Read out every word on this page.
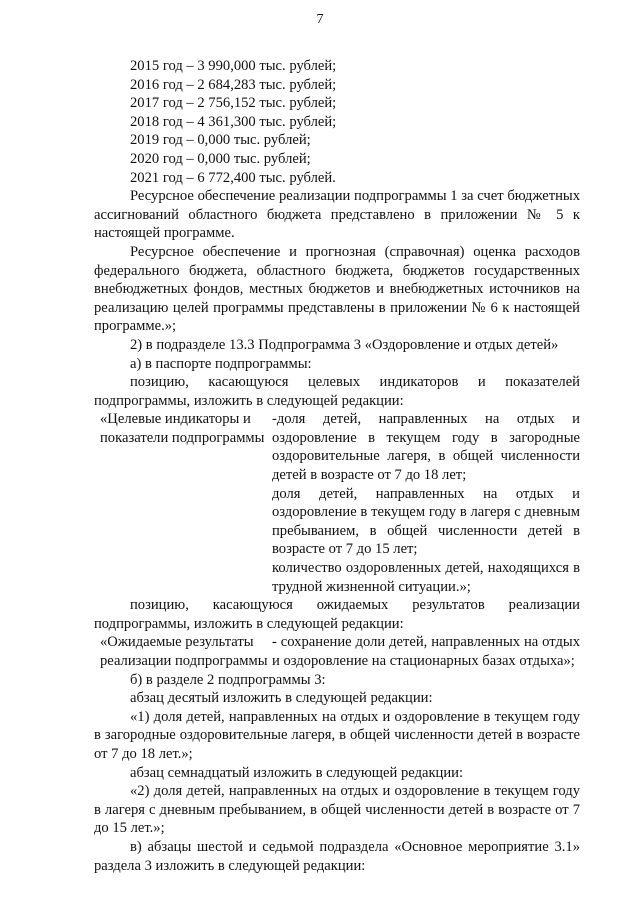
7
2015 год – 3 990,000 тыс. рублей;
2016 год – 2 684,283 тыс. рублей;
2017 год – 2 756,152 тыс. рублей;
2018 год – 4 361,300 тыс. рублей;
2019 год – 0,000 тыс. рублей;
2020 год – 0,000 тыс. рублей;
2021 год – 6 772,400 тыс. рублей.
Ресурсное обеспечение реализации подпрограммы 1 за счет бюджетных ассигнований областного бюджета представлено в приложении № 5 к настоящей программе.
Ресурсное обеспечение и прогнозная (справочная) оценка расходов федерального бюджета, областного бюджета, бюджетов государственных внебюджетных фондов, местных бюджетов и внебюджетных источников на реализацию целей программы представлены в приложении № 6 к настоящей программе.»;
2) в подразделе 13.3 Подпрограмма 3 «Оздоровление и отдых детей»
а) в паспорте подпрограммы:
позицию, касающуюся целевых индикаторов и показателей подпрограммы, изложить в следующей редакции:
«Целевые индикаторы и показатели подпрограммы
-доля детей, направленных на отдых и оздоровление в текущем году в загородные оздоровительные лагеря, в общей численности детей в возрасте от 7 до 18 лет;
доля детей, направленных на отдых и оздоровление в текущем году в лагеря с дневным пребыванием, в общей численности детей в возрасте от 7 до 15 лет;
количество оздоровленных детей, находящихся в трудной жизненной ситуации.»;
позицию, касающуюся ожидаемых результатов реализации подпрограммы, изложить в следующей редакции:
«Ожидаемые результаты реализации подпрограммы
- сохранение доли детей, направленных на отдых и оздоровление на стационарных базах отдыха»;
б) в разделе 2 подпрограммы 3:
абзац десятый изложить в следующей редакции:
«1) доля детей, направленных на отдых и оздоровление в текущем году в загородные оздоровительные лагеря, в общей численности детей в возрасте от 7 до 18 лет.»;
абзац семнадцатый изложить в следующей редакции:
«2) доля детей, направленных на отдых и оздоровление в текущем году в лагеря с дневным пребыванием, в общей численности детей в возрасте от 7 до 15 лет.»;
в) абзацы шестой и седьмой подраздела «Основное мероприятие 3.1» раздела 3 изложить в следующей редакции:
